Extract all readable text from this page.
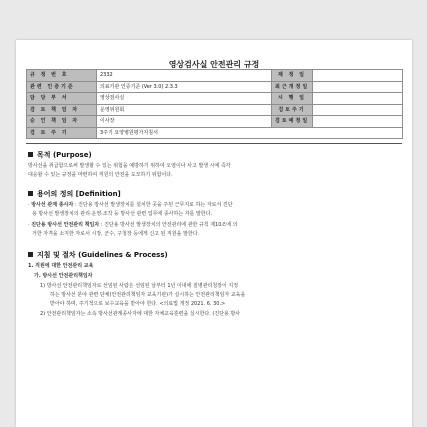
영상검사실 안전관리 규정
규 정 번 호	2332	제 정 일	
관련 인증기준	의료기관 인증기준 (Ver 3.0) 2.3.3	최근개정일	
담 당 부 서	영상검사실	시 행 일	
검 토 책 임 자	운영위원회	검토주기	
승 인 책 임 자	이사장	검토예정일	
검 토 주 기	3주기 요양병원평가지침서		
목적 (Purpose)
방사선을 취급함으로써 발생할 수 있는 위험을 예방하기 위하여 오염이나 사고 발생 시에 즉각
대응할 수 있는 규정을 마련하여 직원의 안전을 도모하기 위함이다.
용어의 정의 [Definition]
· 방사선 관계 종사자 : 진단용 방사선 발생장치를 설치한 곳을 주된 근무지로 하는 자로서 진단
용 방사선 발생장치의 관리·운영·조작 등 방사선 관련 업무에 종사하는 자를 말한다.
· 진단용 방사선 안전관리 책임자 : 진단용 방사선 발생장치의 안전관리에 관한 규칙 제10조에 의
거한 자격을 소지한 자로서 시장, 군수, 구청장 등에게 신고 된 직원을 말한다.
지침 및 절차 (Guidelines & Process)
1. 직원에 대한 안전관리 교육
가. 방사선 안전관리책임자
1) 방사선 안전관리책임자로 선임된 사람은 선임된 날부터 1년 이내에 질병관리청장이 지정
하는 방사선 분야 관련 단체(안전관리책임자 교육기관)가 실시하는 안전관리책임자 교육을
받아야 하며, 주기적으로 보수교육을 받아야 한다. <의료법 개정 2021. 6. 30.>
2) 안전관리책임자는 소속 방사선관계종사자에 대한 자체교육훈련을 실시한다. (진단용 방사
